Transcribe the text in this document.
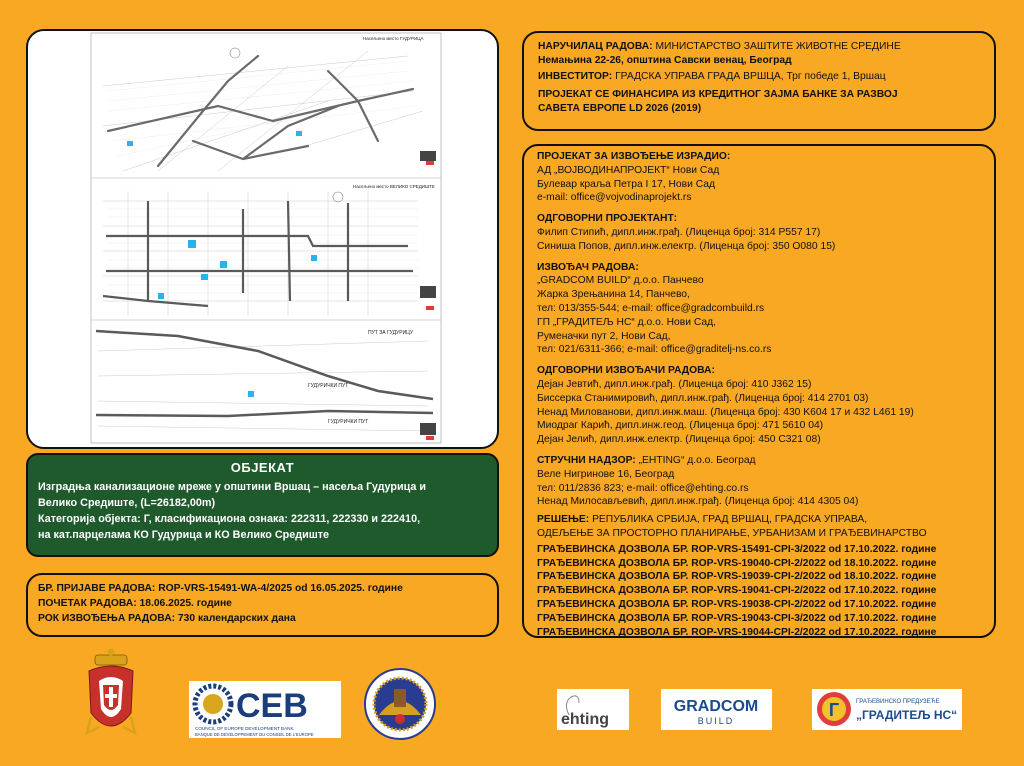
Насељено место ГУДУРИЦА
Насељено место ВЕЛИКО СРЕДИШТЕ
ПУТ ЗА ГУДУРИЦУ
ГУДУРИЧКИ ПУТ
ГУДУРИЧКИ ПУТ
ОБЈЕКАТ
Изградња канализационе мреже у општини Вршац – насеља Гудурица и
Велико Средиште, (L=26182,00m)
Категорија објекта: Г, класификациона ознака: 222311, 222330 и 222410,
на кат.парцелама КО Гудурица и КО Велико Средиште

БР. ПРИЈАВЕ РАДОВА: ROP-VRS-15491-WA-4/2025 od 16.05.2025. године

ПОЧЕТАК РАДОВА: 18.06.2025. године

РОК ИЗВОЂЕЊА РАДОВА: 730 календарских дана

НАРУЧИЛАЦ РАДОВА: МИНИСТАРСТВО ЗАШТИТЕ ЖИВОТНЕ СРЕДИНЕ

Немањина 22-26, општина Савски венац, Београд

ИНВЕСТИТОР: ГРАДСКА УПРАВА ГРАДА ВРШЦА, Трг победе 1, Вршац

ПРОЈЕКАТ СЕ ФИНАНСИРА ИЗ КРЕДИТНОГ ЗАЈМА БАНКЕ ЗА РАЗВОЈ

САВЕТА ЕВРОПЕ LD 2026 (2019)

ПРОЈЕКАТ ЗА ИЗВОЂЕЊЕ ИЗРАДИО:

АД „ВОЈВОДИНАПРОЈЕКТ“ Нови Сад

Булевар краља Петра I 17, Нови Сад

e-mail: office@vojvodinaprojekt.rs

ОДГОВОРНИ ПРОЈЕКТАНТ:

Филип Стипић, дипл.инж.грађ. (Лиценца број: 314 P557 17)

Синиша Попов, дипл.инж.електр. (Лиценца број: 350 О080 15)

ИЗВОЂАЧ РАДОВА:

„GRADCOM BUILD“ д.о.о. Панчево

Жарка Зрењанина 14, Панчево,

тел: 013/355-544; e-mail: office@gradcombuild.rs

ГП „ГРАДИТЕЉ НС“ д.о.о. Нови Сад,

Руменачки пут 2, Нови Сад,

тел: 021/6311-366; e-mail: office@graditelj-ns.co.rs

ОДГОВОРНИ ИЗВОЂАЧИ РАДОВА:

Дејан Јевтић, дипл.инж.грађ. (Лиценца број: 410 J362 15)

Биссерка Станимировић, дипл.инж.грађ. (Лиценца број: 414 2701 03)

Ненад Милованови, дипл.инж.маш. (Лиценца број: 430 K604 17 и 432 L461 19)

Миодраг Карић, дипл.инж.геод. (Лиценца број: 471 5610 04)

Дејан Јелић, дипл.инж.електр. (Лиценца број: 450 C321 08)

СТРУЧНИ НАДЗОР: „EHTING“ д.о.о. Београд

Веле Нигринове 16, Београд

тел: 011/2836 823; e-mail: office@ehting.co.rs

Ненад Милосављевић, дипл.инж.грађ. (Лиценца број: 414 4305 04)

РЕШЕЊЕ: РЕПУБЛИКА СРБИЈА, ГРАД ВРШАЦ, ГРАДСКА УПРАВА,

ОДЕЉЕЊЕ ЗА ПРОСТОРНО ПЛАНИРАЊЕ, УРБАНИЗАМ И ГРАЂЕВИНАРСТВО

ГРАЂЕВИНСКА ДОЗВОЛА БР. ROP-VRS-15491-CPI-3/2022 od 17.10.2022. године

ГРАЂЕВИНСКА ДОЗВОЛА БР. ROP-VRS-19040-CPI-2/2022 od 18.10.2022. године

ГРАЂЕВИНСКА ДОЗВОЛА БР. ROP-VRS-19039-CPI-2/2022 od 18.10.2022. године

ГРАЂЕВИНСКА ДОЗВОЛА БР. ROP-VRS-19041-CPI-2/2022 od 17.10.2022. године

ГРАЂЕВИНСКА ДОЗВОЛА БР. ROP-VRS-19038-CPI-2/2022 od 17.10.2022. године

ГРАЂЕВИНСКА ДОЗВОЛА БР. ROP-VRS-19043-CPI-3/2022 od 17.10.2022. године

ГРАЂЕВИНСКА ДОЗВОЛА БР. ROP-VRS-19044-CPI-2/2022 od 17.10.2022. године

CEB
COUNCIL OF EUROPE DEVELOPMENT BANK
BANQUE DE DEVELOPPEMENT DU CONSEIL DE L'EUROPE
ehting
GRADCOM
BUILD
Г	ГРАЂЕВИНСКО ПРЕДУЗЕЋЕ
„ГРАДИТЕЉ НС“
